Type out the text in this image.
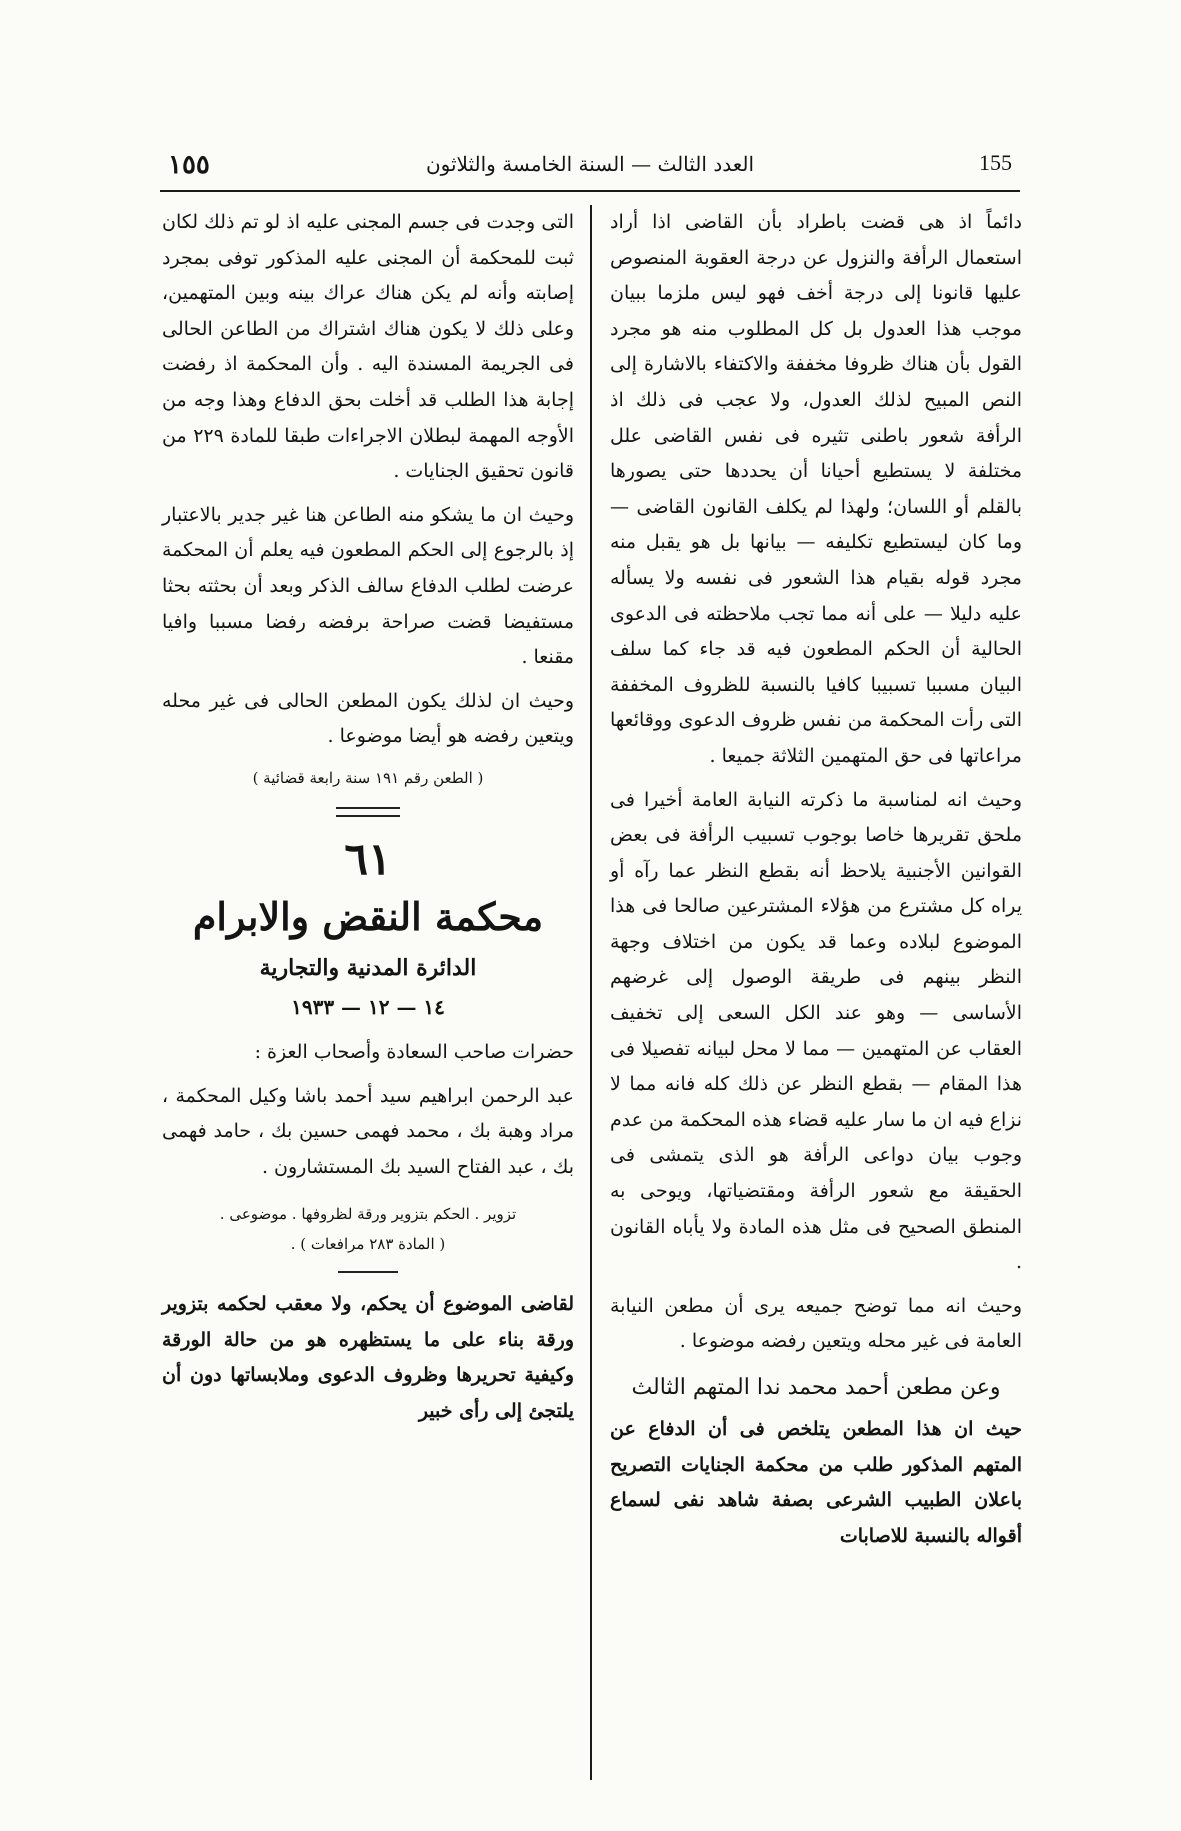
١٥٥	العدد الثالث — السنة الخامسة والثلاثون	155

دائماً اذ هى قضت باطراد بأن القاضى اذا أراد استعمال الرأفة والنزول عن درجة العقوبة المنصوص عليها قانونا إلى درجة أخف فهو ليس ملزما ببيان موجب هذا العدول بل كل المطلوب منه هو مجرد القول بأن هناك ظروفا مخففة والاكتفاء بالاشارة إلى النص المبيح لذلك العدول، ولا عجب فى ذلك اذ الرأفة شعور باطنى تثيره فى نفس القاضى علل مختلفة لا يستطيع أحيانا أن يحددها حتى يصورها بالقلم أو اللسان؛ ولهذا لم يكلف القانون القاضى — وما كان ليستطيع تكليفه — بيانها بل هو يقبل منه مجرد قوله بقيام هذا الشعور فى نفسه ولا يسأله عليه دليلا — على أنه مما تجب ملاحظته فى الدعوى الحالية أن الحكم المطعون فيه قد جاء كما سلف البيان مسببا تسبيبا كافيا بالنسبة للظروف المخففة التى رأت المحكمة من نفس ظروف الدعوى ووقائعها مراعاتها فى حق المتهمين الثلاثة جميعا .

وحيث انه لمناسبة ما ذكرته النيابة العامة أخيرا فى ملحق تقريرها خاصا بوجوب تسبيب الرأفة فى بعض القوانين الأجنبية يلاحظ أنه بقطع النظر عما رآه أو يراه كل مشترع من هؤلاء المشترعين صالحا فى هذا الموضوع لبلاده وعما قد يكون من اختلاف وجهة النظر بينهم فى طريقة الوصول إلى غرضهم الأساسى — وهو عند الكل السعى إلى تخفيف العقاب عن المتهمين — مما لا محل لبيانه تفصيلا فى هذا المقام — بقطع النظر عن ذلك كله فانه مما لا نزاع فيه ان ما سار عليه قضاء هذه المحكمة من عدم وجوب بيان دواعى الرأفة هو الذى يتمشى فى الحقيقة مع شعور الرأفة ومقتضياتها، ويوحى به المنطق الصحيح فى مثل هذه المادة ولا يأباه القانون .

وحيث انه مما توضح جميعه يرى أن مطعن النيابة العامة فى غير محله ويتعين رفضه موضوعا .

وعن مطعن أحمد محمد ندا المتهم الثالث

حيث ان هذا المطعن يتلخص فى أن الدفاع عن المتهم المذكور طلب من محكمة الجنايات التصريح باعلان الطبيب الشرعى بصفة شاهد نفى لسماع أقواله بالنسبة للاصابات

التى وجدت فى جسم المجنى عليه اذ لو تم ذلك لكان ثبت للمحكمة أن المجنى عليه المذكور توفى بمجرد إصابته وأنه لم يكن هناك عراك بينه وبين المتهمين، وعلى ذلك لا يكون هناك اشتراك من الطاعن الحالى فى الجريمة المسندة اليه . وأن المحكمة اذ رفضت إجابة هذا الطلب قد أخلت بحق الدفاع وهذا وجه من الأوجه المهمة لبطلان الاجراءات طبقا للمادة ٢٢٩ من قانون تحقيق الجنايات .

وحيث ان ما يشكو منه الطاعن هنا غير جدير بالاعتبار إذ بالرجوع إلى الحكم المطعون فيه يعلم أن المحكمة عرضت لطلب الدفاع سالف الذكر وبعد أن بحثته بحثا مستفيضا قضت صراحة برفضه رفضا مسببا وافيا مقنعا .

وحيث ان لذلك يكون المطعن الحالى فى غير محله ويتعين رفضه هو أيضا موضوعا .

( الطعن رقم ١٩١ سنة رابعة قضائية )

٦١
محكمة النقض والابرام
الدائرة المدنية والتجارية
١٤ — ١٢ — ١٩٣٣

حضرات صاحب السعادة وأصحاب العزة :

عبد الرحمن ابراهيم سيد أحمد باشا وكيل المحكمة ، مراد وهبة بك ، محمد فهمى حسين بك ، حامد فهمى بك ، عبد الفتاح السيد بك المستشارون .

تزوير . الحكم بتزوير ورقة لظروفها . موضوعى .

( المادة ٢٨٣ مرافعات ) .

لقاضى الموضوع أن يحكم، ولا معقب لحكمه بتزوير ورقة بناء على ما يستظهره هو من حالة الورقة وكيفية تحريرها وظروف الدعوى وملابساتها دون أن يلتجئ إلى رأى خبير
